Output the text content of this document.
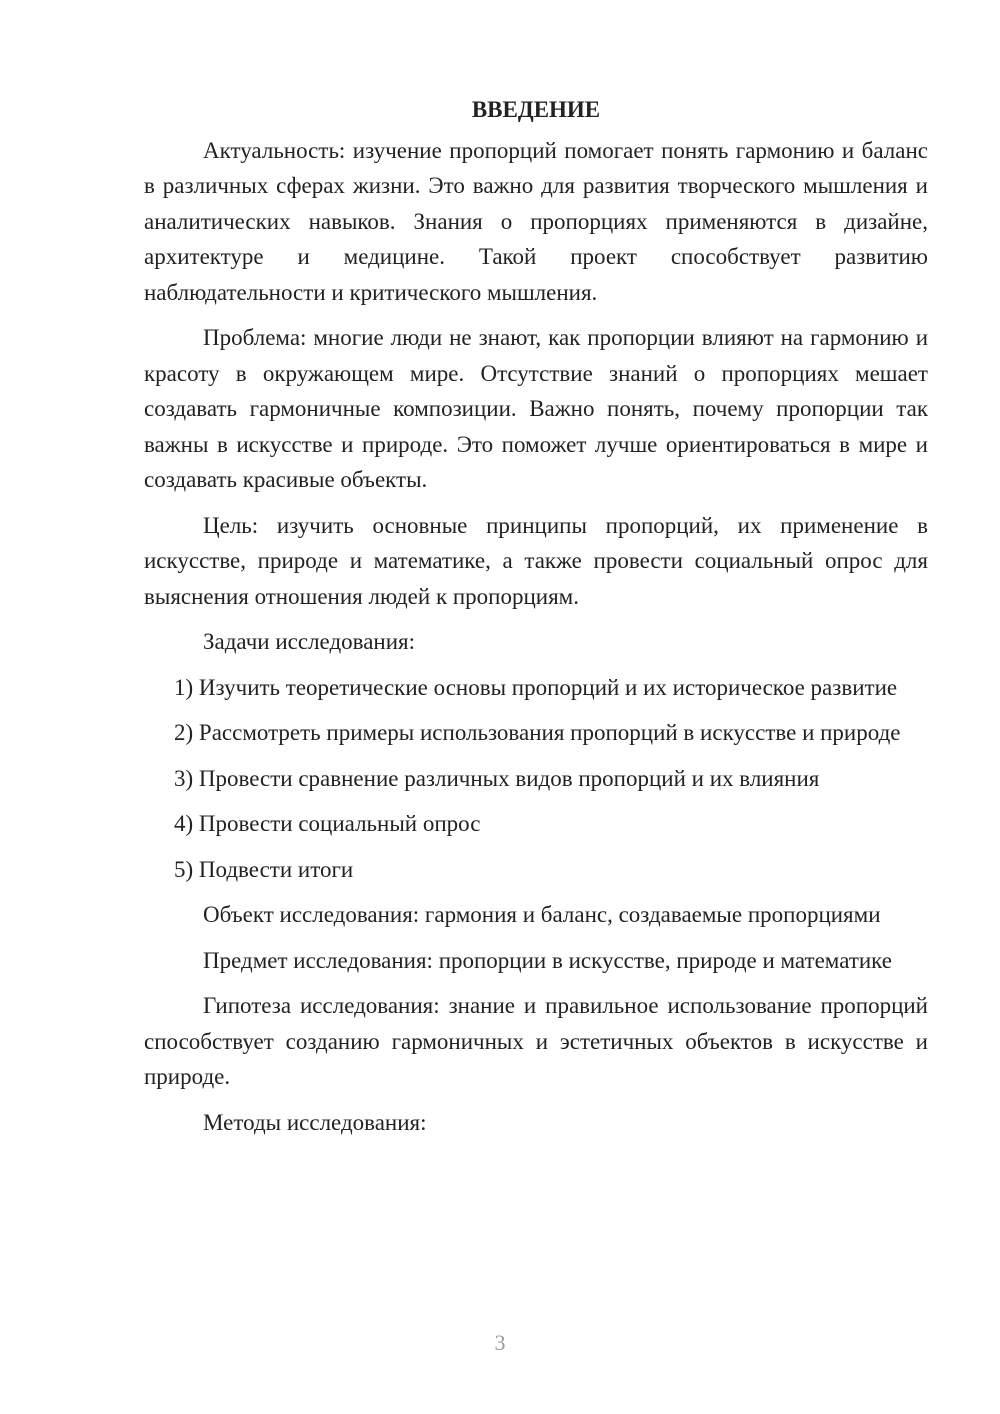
ВВЕДЕНИЕ

Актуальность: изучение пропорций помогает понять гармонию и баланс в различных сферах жизни. Это важно для развития творческого мышления и аналитических навыков. Знания о пропорциях применяются в дизайне, архитектуре и медицине. Такой проект способствует развитию наблюдательности и критического мышления.

Проблема: многие люди не знают, как пропорции влияют на гармонию и красоту в окружающем мире. Отсутствие знаний о пропорциях мешает создавать гармоничные композиции. Важно понять, почему пропорции так важны в искусстве и природе. Это поможет лучше ориентироваться в мире и создавать красивые объекты.

Цель: изучить основные принципы пропорций, их применение в искусстве, природе и математике, а также провести социальный опрос для выяснения отношения людей к пропорциям.

Задачи исследования:

1) Изучить теоретические основы пропорций и их историческое развитие

2) Рассмотреть примеры использования пропорций в искусстве и природе

3) Провести сравнение различных видов пропорций и их влияния

4) Провести социальный опрос

5) Подвести итоги

Объект исследования: гармония и баланс, создаваемые пропорциями

Предмет исследования: пропорции в искусстве, природе и математике

Гипотеза исследования: знание и правильное использование пропорций способствует созданию гармоничных и эстетичных объектов в искусстве и природе.

Методы исследования:

3
